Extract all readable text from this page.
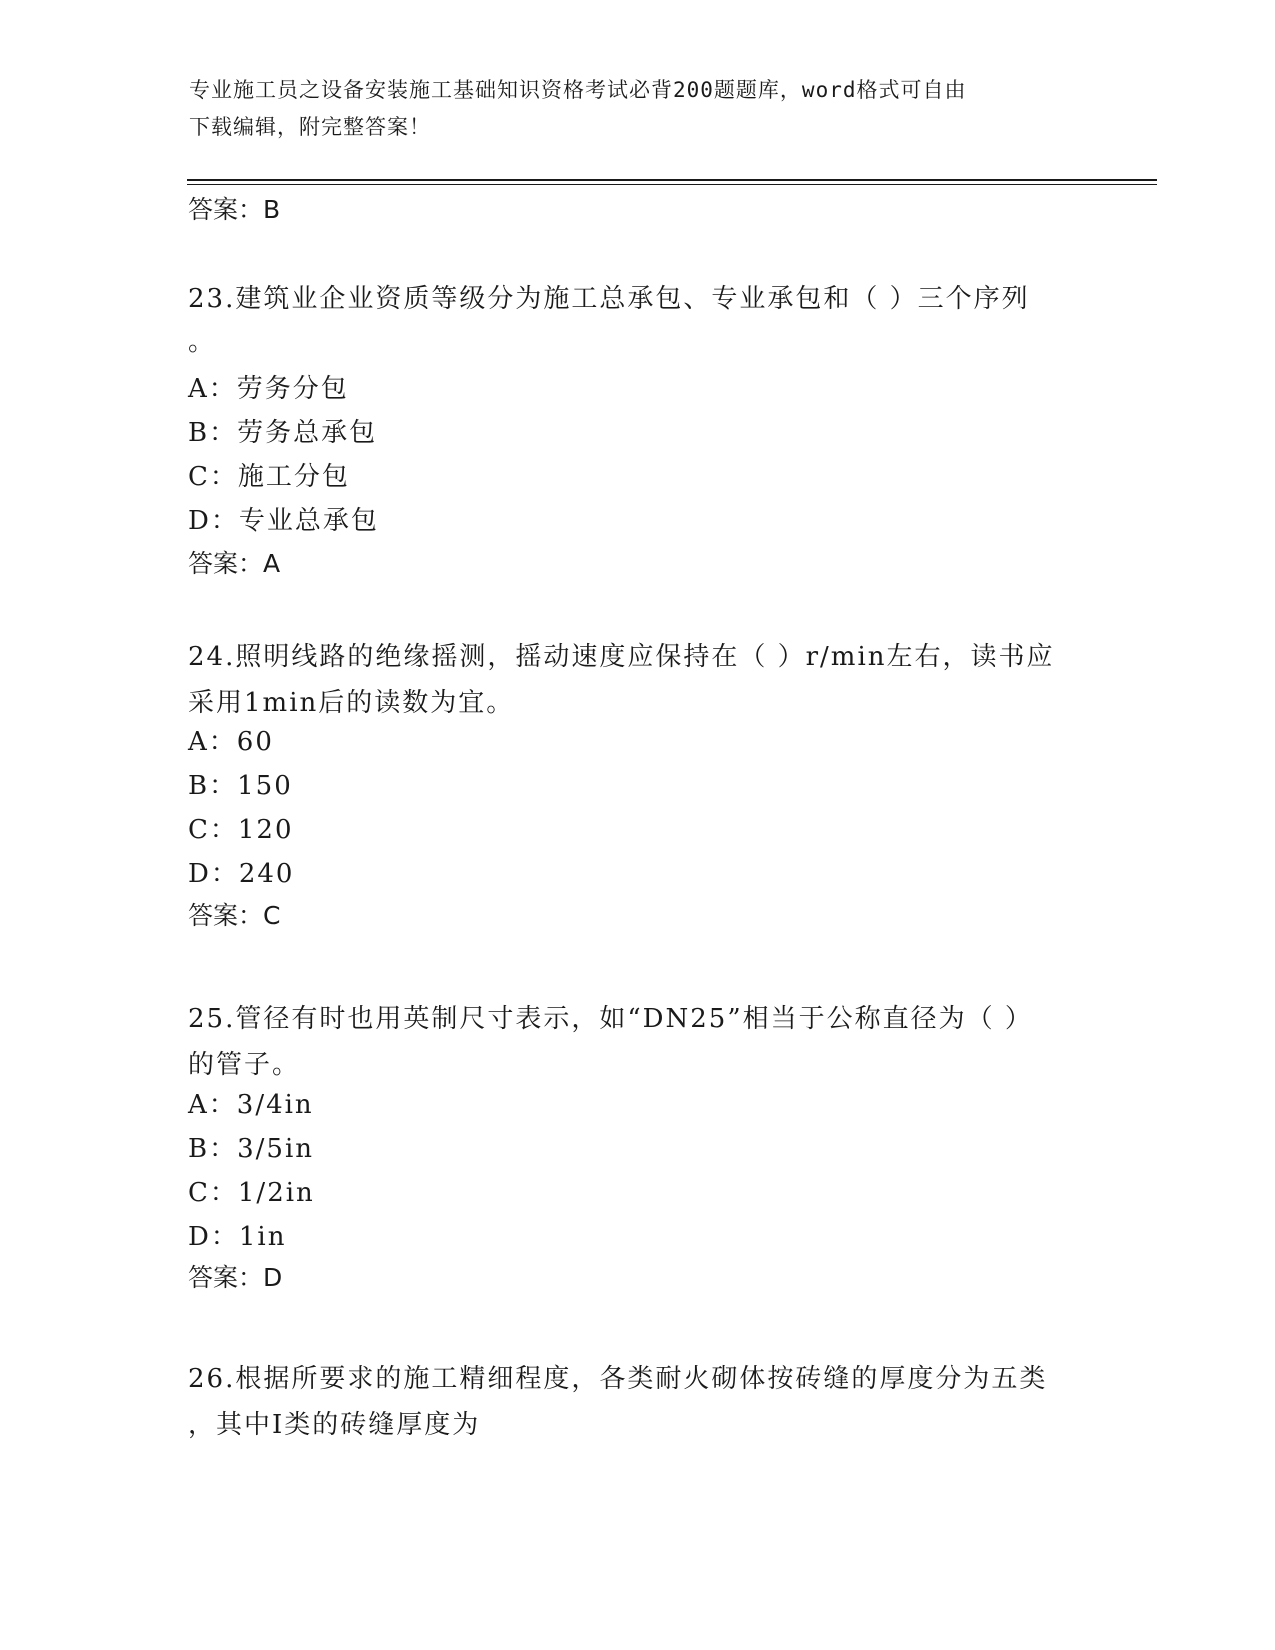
专业施工员之设备安装施工基础知识资格考试必背200题题库，word格式可自由
下载编辑，附完整答案！
答案：B
23.建筑业企业资质等级分为施工总承包、专业承包和（ ）三个序列
。
A：劳务分包
B：劳务总承包
C：施工分包
D：专业总承包
答案：A
24.照明线路的绝缘摇测，摇动速度应保持在（ ）r/min左右，读书应
采用1min后的读数为宜。
A：60
B：150
C：120
D：240
答案：C
25.管径有时也用英制尺寸表示，如“DN25”相当于公称直径为（ ）
的管子。
A：3/4in
B：3/5in
C：1/2in
D：1in
答案：D
26.根据所要求的施工精细程度，各类耐火砌体按砖缝的厚度分为五类
，其中I类的砖缝厚度为
